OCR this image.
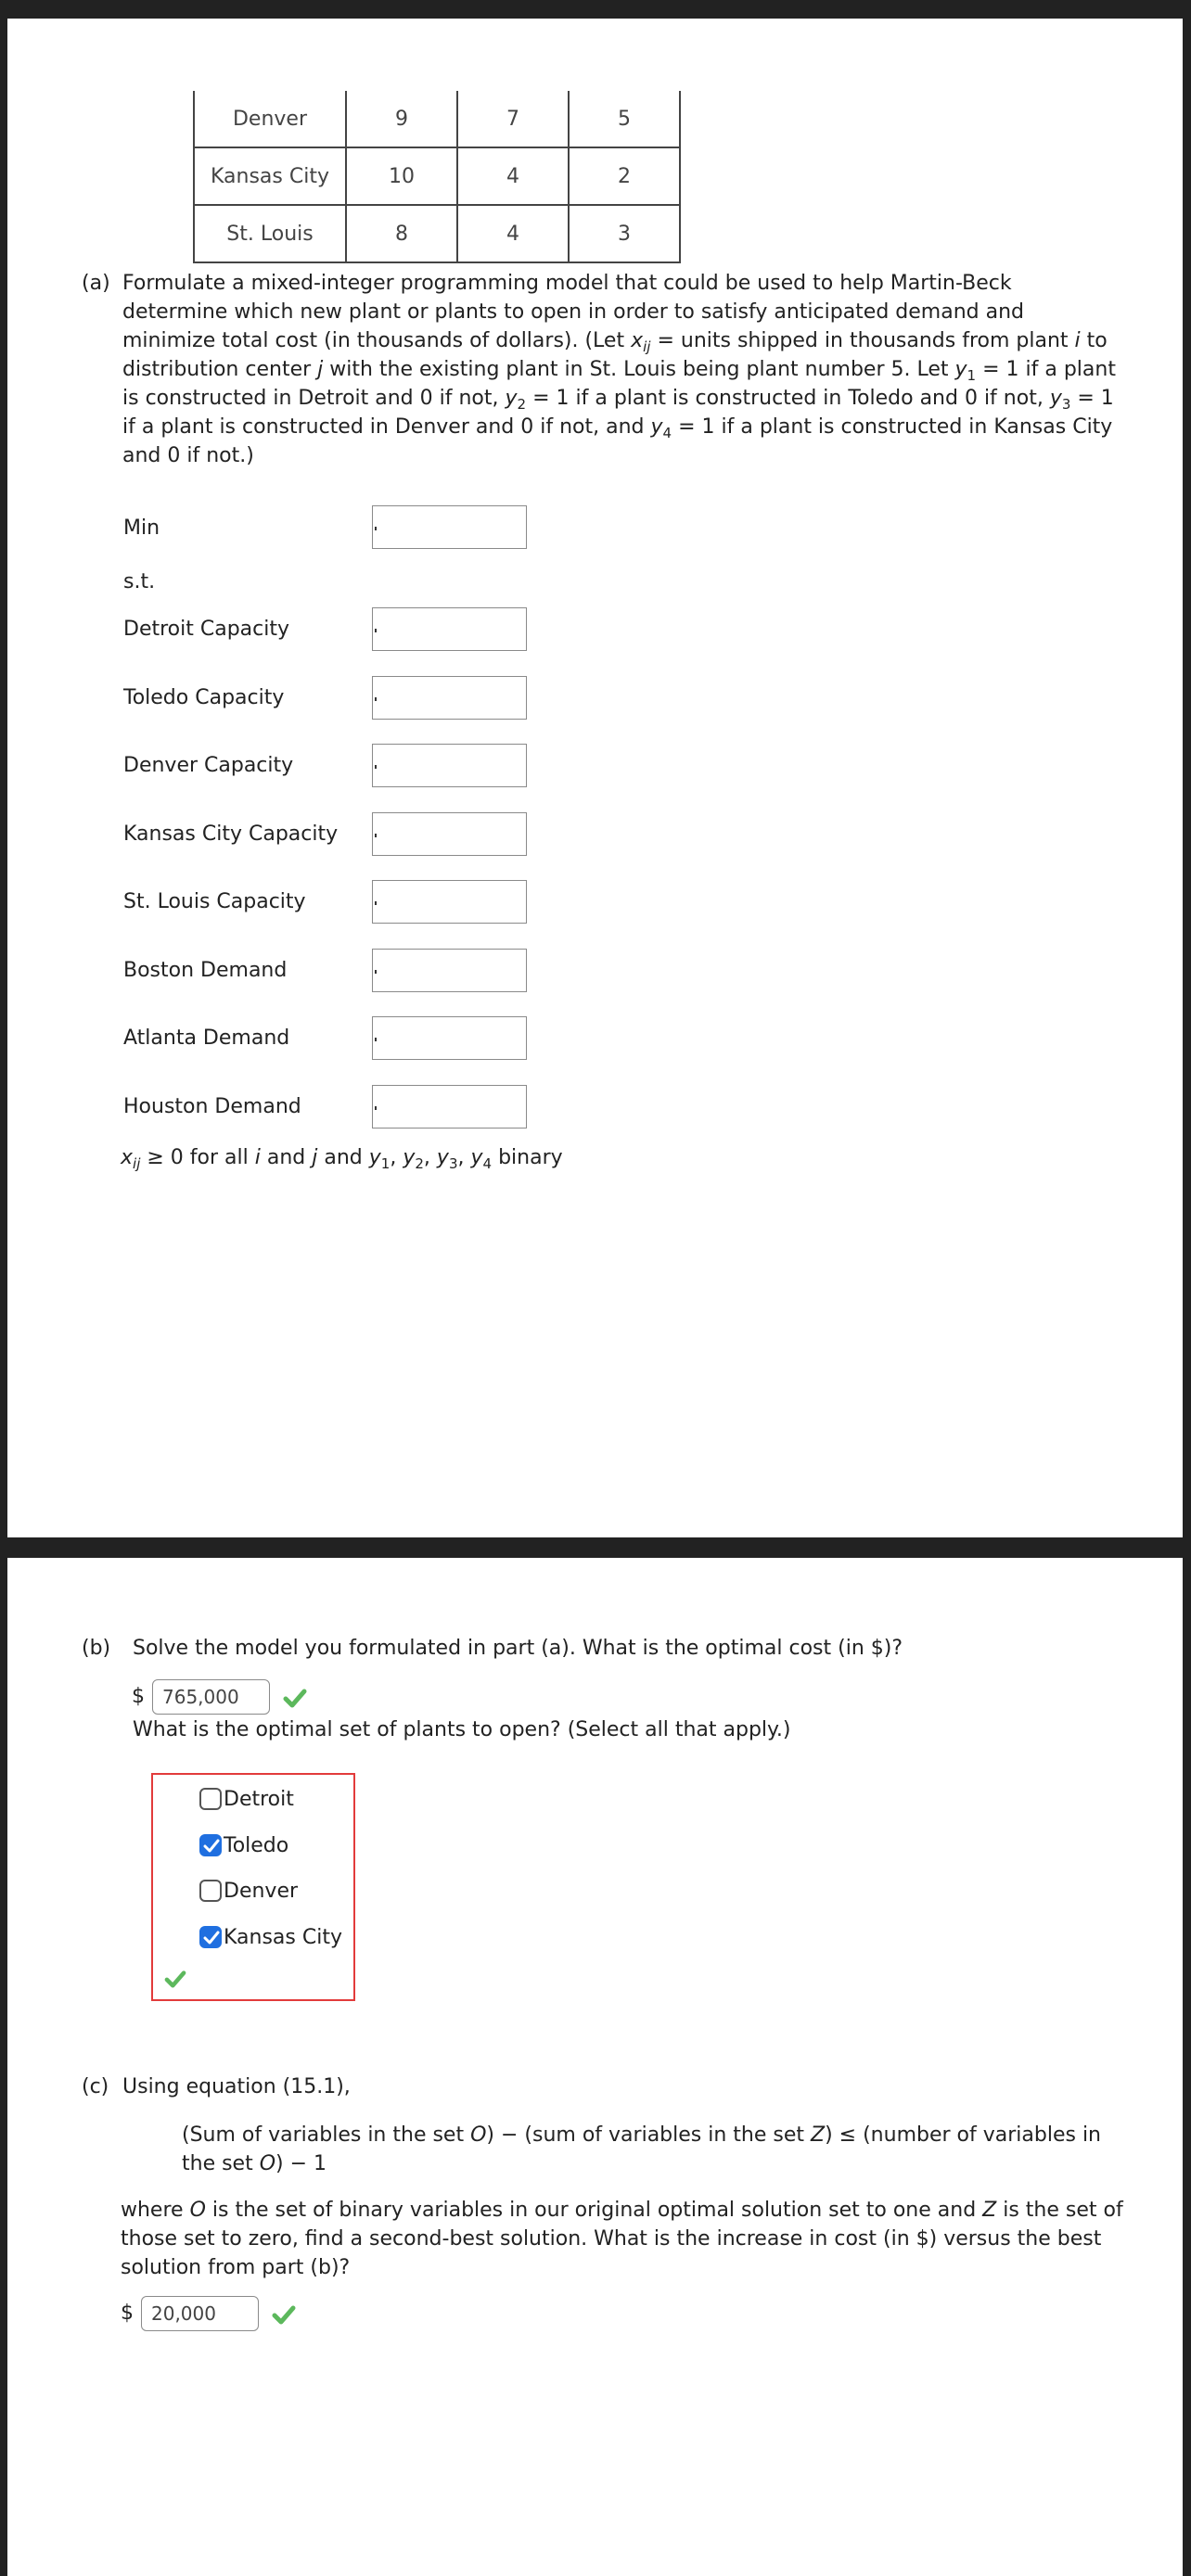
Denver	9	7	5
Kansas City	10	4	2
St. Louis	8	4	3
(a) Formulate a mixed-integer programming model that could be used to help Martin-Beck determine which new plant or plants to open in order to satisfy anticipated demand and minimize total cost (in thousands of dollars). (Let $x_{ij}$ = units shipped in thousands from plant i to distribution center j with the existing plant in St. Louis being plant number 5. Let $y_1 = 1$ if a plant is constructed in Detroit and 0 if not, $y_2 = 1$ if a plant is constructed in Toledo and 0 if not, $y_3 = 1$ if a plant is constructed in Denver and 0 if not, and $y_4 = 1$ if a plant is constructed in Kansas City and 0 if not.)
Min
s.t.
Detroit Capacity
Toledo Capacity
Denver Capacity
Kansas City Capacity
St. Louis Capacity
Boston Demand
Atlanta Demand
Houston Demand
$x_{ij} \ge 0$ for all i and j and $y_1$, $y_2$, $y_3$, $y_4$ binary
(b) Solve the model you formulated in part (a). What is the optimal cost (in $)?
$ 765,000
What is the optimal set of plants to open? (Select all that apply.)
Detroit
Toledo
Denver
Kansas City
(c) Using equation (15.1),
(Sum of variables in the set O) − (sum of variables in the set Z) ≤ (number of variables in the set O) − 1
where O is the set of binary variables in our original optimal solution set to one and Z is the set of those set to zero, find a second-best solution. What is the increase in cost (in $) versus the best solution from part (b)?
$ 20,000
